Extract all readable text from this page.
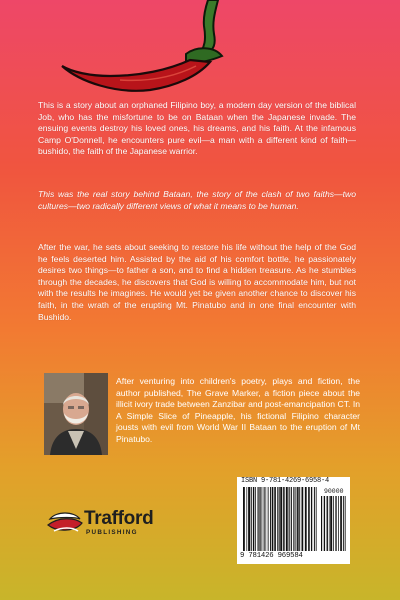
This is a story about an orphaned Filipino boy, a modern day version of the biblical Job, who has the misfortune to be on Bataan when the Japanese invade. The ensuing events destroy his loved ones, his dreams, and his faith. At the infamous Camp O'Donnell, he encounters pure evil—a man with a different kind of faith—bushido, the faith of the Japanese warrior.

This was the real story behind Bataan, the story of the clash of two faiths—two cultures—two radically different views of what it means to be human.

After the war, he sets about seeking to restore his life without the help of the God he feels deserted him. Assisted by the aid of his comfort bottle, he passionately desires two things—to father a son, and to find a hidden treasure. As he stumbles through the decades, he discovers that God is willing to accommodate him, but not with the results he imagines. He would yet be given another chance to discover his faith, in the wrath of the erupting Mt. Pinatubo and in one final encounter with Bushido.

After venturing into children's poetry, plays and fiction, the author published, The Grave Marker, a fiction piece about the illicit ivory trade between Zanzibar and post-emancipation CT. In A Simple Slice of Pineapple, his fictional Filipino character jousts with evil from World War II Bataan to the eruption of Mt Pinatubo.

Trafford
PUBLISHING
ISBN 9-781-4269-6958-4
90000
9 781426 969584
